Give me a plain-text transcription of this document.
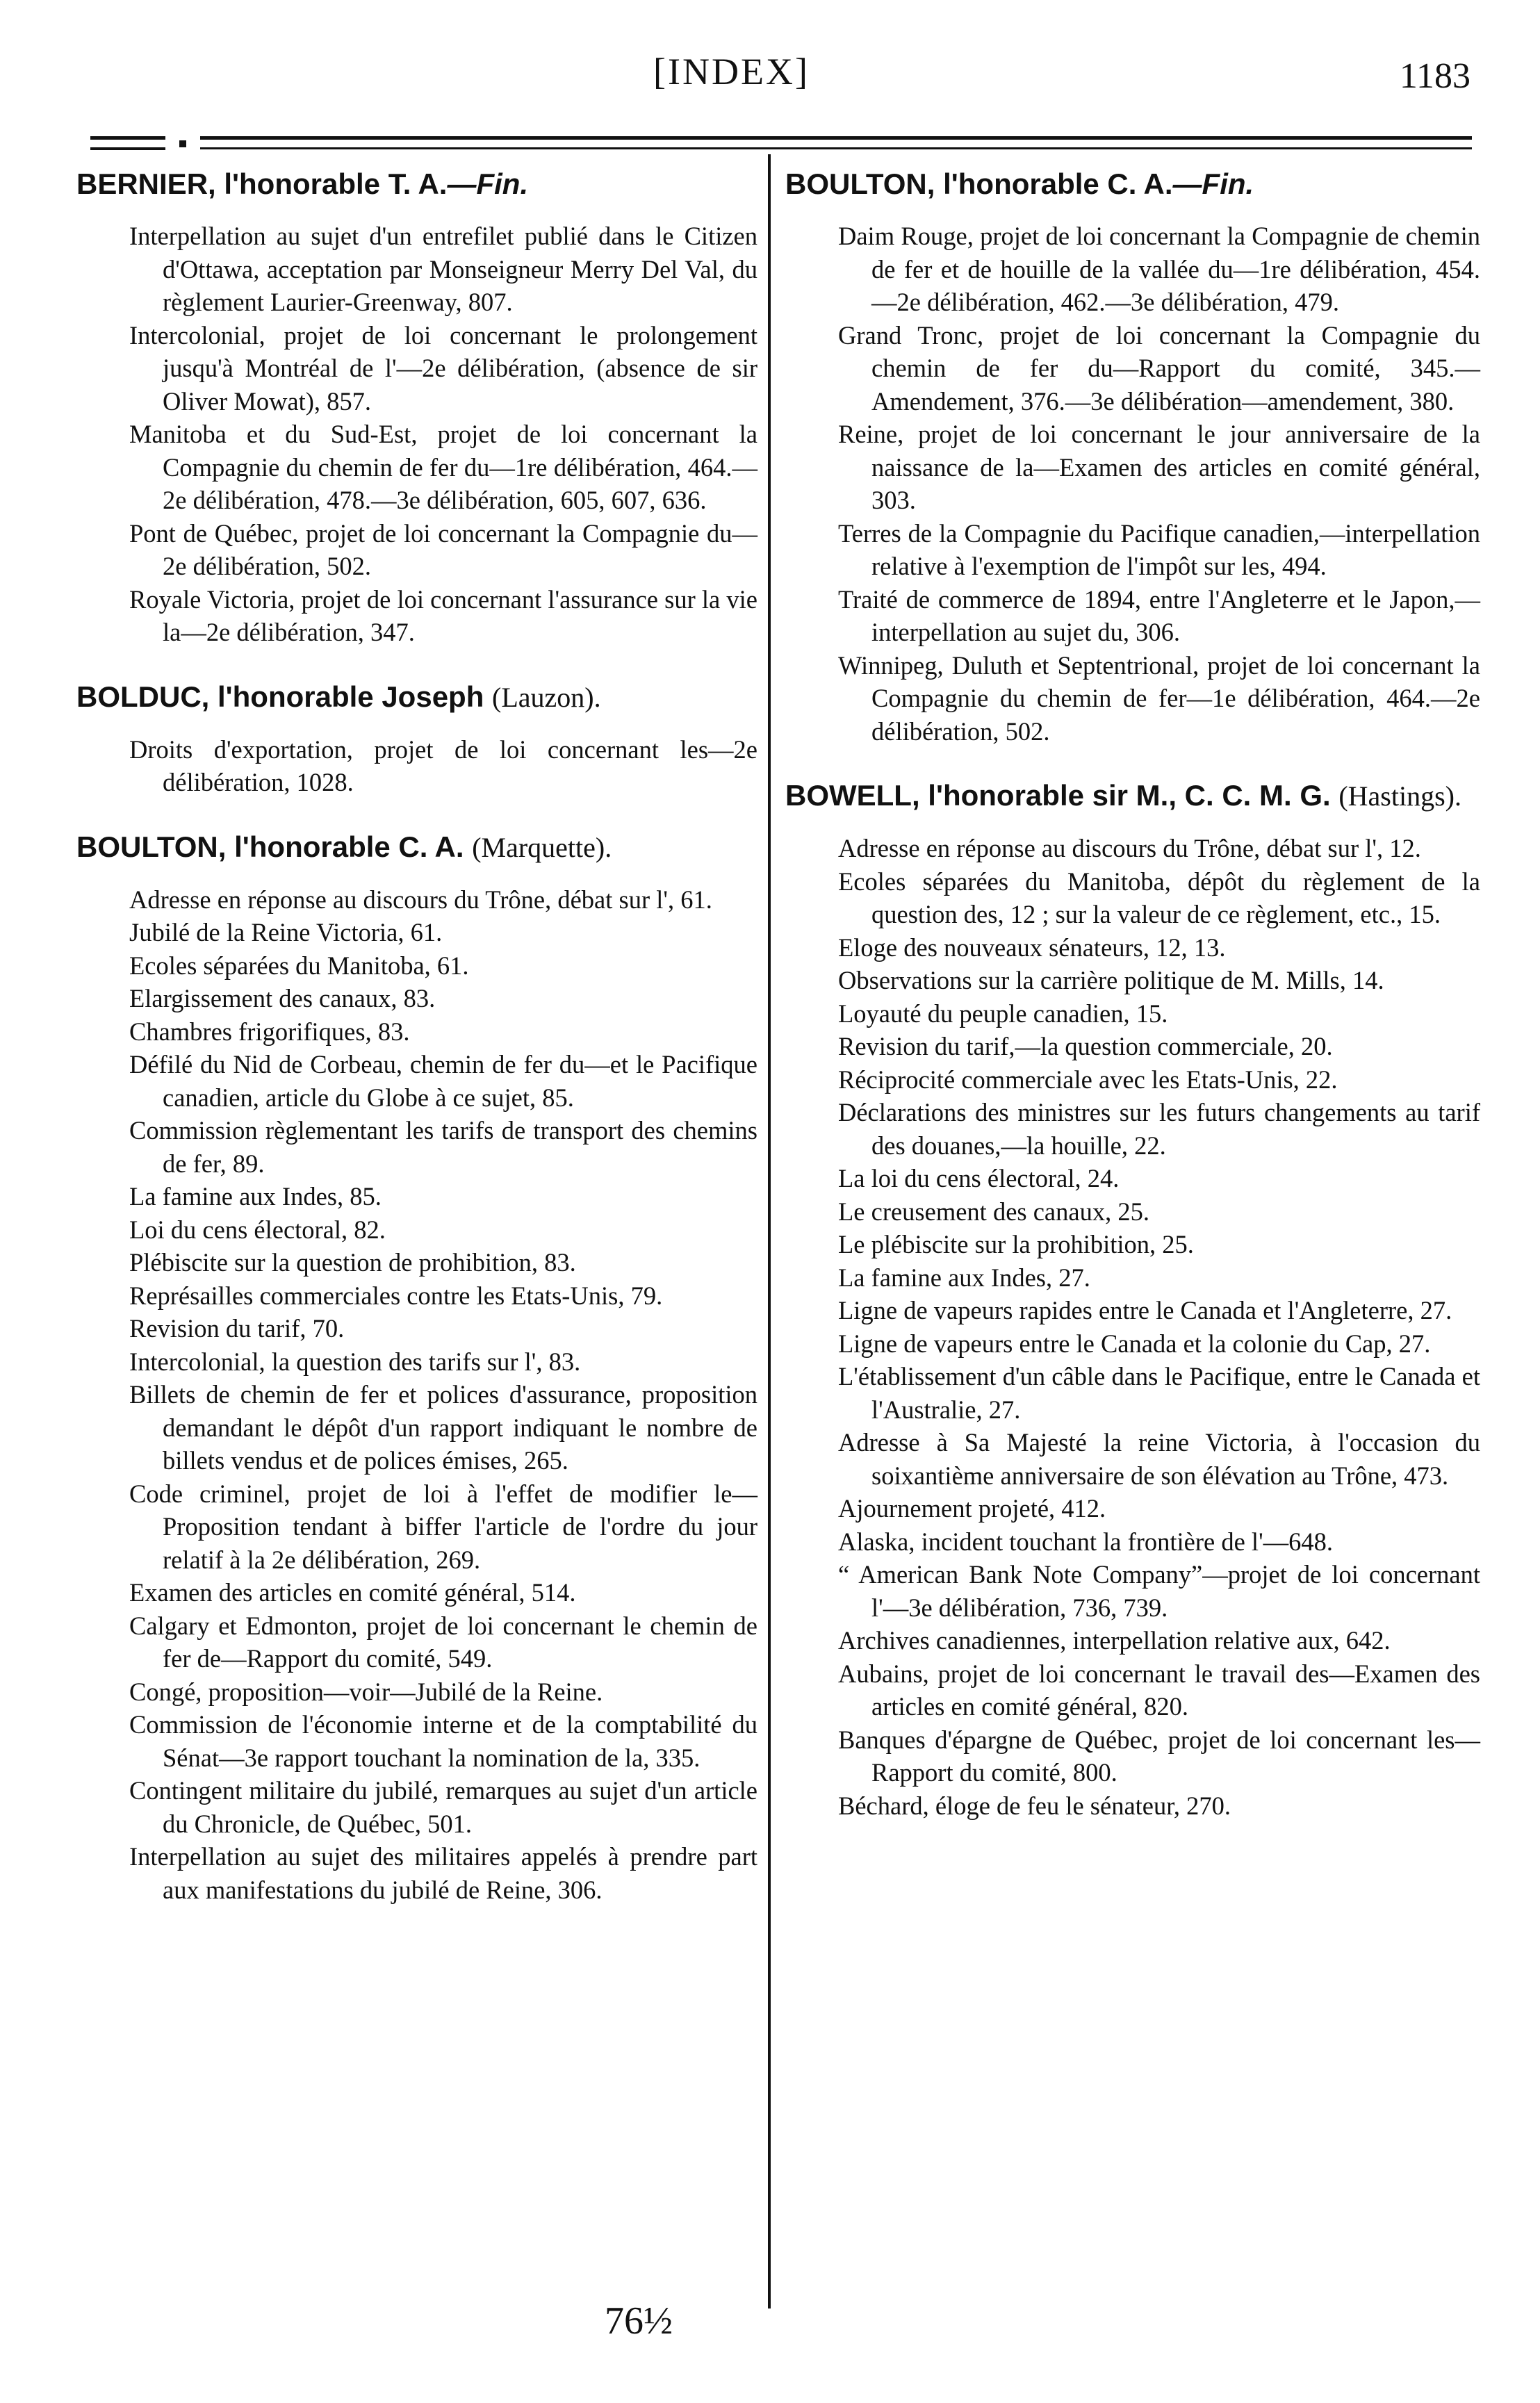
[INDEX]	1183
BERNIER, l'honorable T. A.—Fin.

Interpellation au sujet d'un entrefilet publié dans le Citizen d'Ottawa, acceptation par Monseigneur Merry Del Val, du règlement Laurier-Greenway, 807.

Intercolonial, projet de loi concernant le prolongement jusqu'à Montréal de l'—2e délibération, (absence de sir Oliver Mowat), 857.

Manitoba et du Sud-Est, projet de loi concernant la Compagnie du chemin de fer du—1re délibération, 464.—2e délibération, 478.—3e délibération, 605, 607, 636.

Pont de Québec, projet de loi concernant la Compagnie du—2e délibération, 502.

Royale Victoria, projet de loi concernant l'assurance sur la vie la—2e délibération, 347.

BOLDUC, l'honorable Joseph (Lauzon).

Droits d'exportation, projet de loi concernant les—2e délibération, 1028.

BOULTON, l'honorable C. A. (Marquette).

Adresse en réponse au discours du Trône, débat sur l', 61.

Jubilé de la Reine Victoria, 61.

Ecoles séparées du Manitoba, 61.

Elargissement des canaux, 83.

Chambres frigorifiques, 83.

Défilé du Nid de Corbeau, chemin de fer du—et le Pacifique canadien, article du Globe à ce sujet, 85.

Commission règlementant les tarifs de transport des chemins de fer, 89.

La famine aux Indes, 85.

Loi du cens électoral, 82.

Plébiscite sur la question de prohibition, 83.

Représailles commerciales contre les Etats-Unis, 79.

Revision du tarif, 70.

Intercolonial, la question des tarifs sur l', 83.

Billets de chemin de fer et polices d'assurance, proposition demandant le dépôt d'un rapport indiquant le nombre de billets vendus et de polices émises, 265.

Code criminel, projet de loi à l'effet de modifier le—Proposition tendant à biffer l'article de l'ordre du jour relatif à la 2e délibération, 269.

Examen des articles en comité général, 514.

Calgary et Edmonton, projet de loi concernant le chemin de fer de—Rapport du comité, 549.

Congé, proposition—voir—Jubilé de la Reine.

Commission de l'économie interne et de la comptabilité du Sénat—3e rapport touchant la nomination de la, 335.

Contingent militaire du jubilé, remarques au sujet d'un article du Chronicle, de Québec, 501.

Interpellation au sujet des militaires appelés à prendre part aux manifestations du jubilé de Reine, 306.

BOULTON, l'honorable C. A.—Fin.

Daim Rouge, projet de loi concernant la Compagnie de chemin de fer et de houille de la vallée du—1re délibération, 454.—2e délibération, 462.—3e délibération, 479.

Grand Tronc, projet de loi concernant la Compagnie du chemin de fer du—Rapport du comité, 345.—Amendement, 376.—3e délibération—amendement, 380.

Reine, projet de loi concernant le jour anniversaire de la naissance de la—Examen des articles en comité général, 303.

Terres de la Compagnie du Pacifique canadien,—interpellation relative à l'exemption de l'impôt sur les, 494.

Traité de commerce de 1894, entre l'Angleterre et le Japon,—interpellation au sujet du, 306.

Winnipeg, Duluth et Septentrional, projet de loi concernant la Compagnie du chemin de fer—1e délibération, 464.—2e délibération, 502.

BOWELL, l'honorable sir M., C. C. M. G. (Hastings).

Adresse en réponse au discours du Trône, débat sur l', 12.

Ecoles séparées du Manitoba, dépôt du règlement de la question des, 12 ; sur la valeur de ce règlement, etc., 15.

Eloge des nouveaux sénateurs, 12, 13.

Observations sur la carrière politique de M. Mills, 14.

Loyauté du peuple canadien, 15.

Revision du tarif,—la question commerciale, 20.

Réciprocité commerciale avec les Etats-Unis, 22.

Déclarations des ministres sur les futurs changements au tarif des douanes,—la houille, 22.

La loi du cens électoral, 24.

Le creusement des canaux, 25.

Le plébiscite sur la prohibition, 25.

La famine aux Indes, 27.

Ligne de vapeurs rapides entre le Canada et l'Angleterre, 27.

Ligne de vapeurs entre le Canada et la colonie du Cap, 27.

L'établissement d'un câble dans le Pacifique, entre le Canada et l'Australie, 27.

Adresse à Sa Majesté la reine Victoria, à l'occasion du soixantième anniversaire de son élévation au Trône, 473.

Ajournement projeté, 412.

Alaska, incident touchant la frontière de l'—648.

“ American Bank Note Company”—projet de loi concernant l'—3e délibération, 736, 739.

Archives canadiennes, interpellation relative aux, 642.

Aubains, projet de loi concernant le travail des—Examen des articles en comité général, 820.

Banques d'épargne de Québec, projet de loi concernant les—Rapport du comité, 800.

Béchard, éloge de feu le sénateur, 270.

76½
